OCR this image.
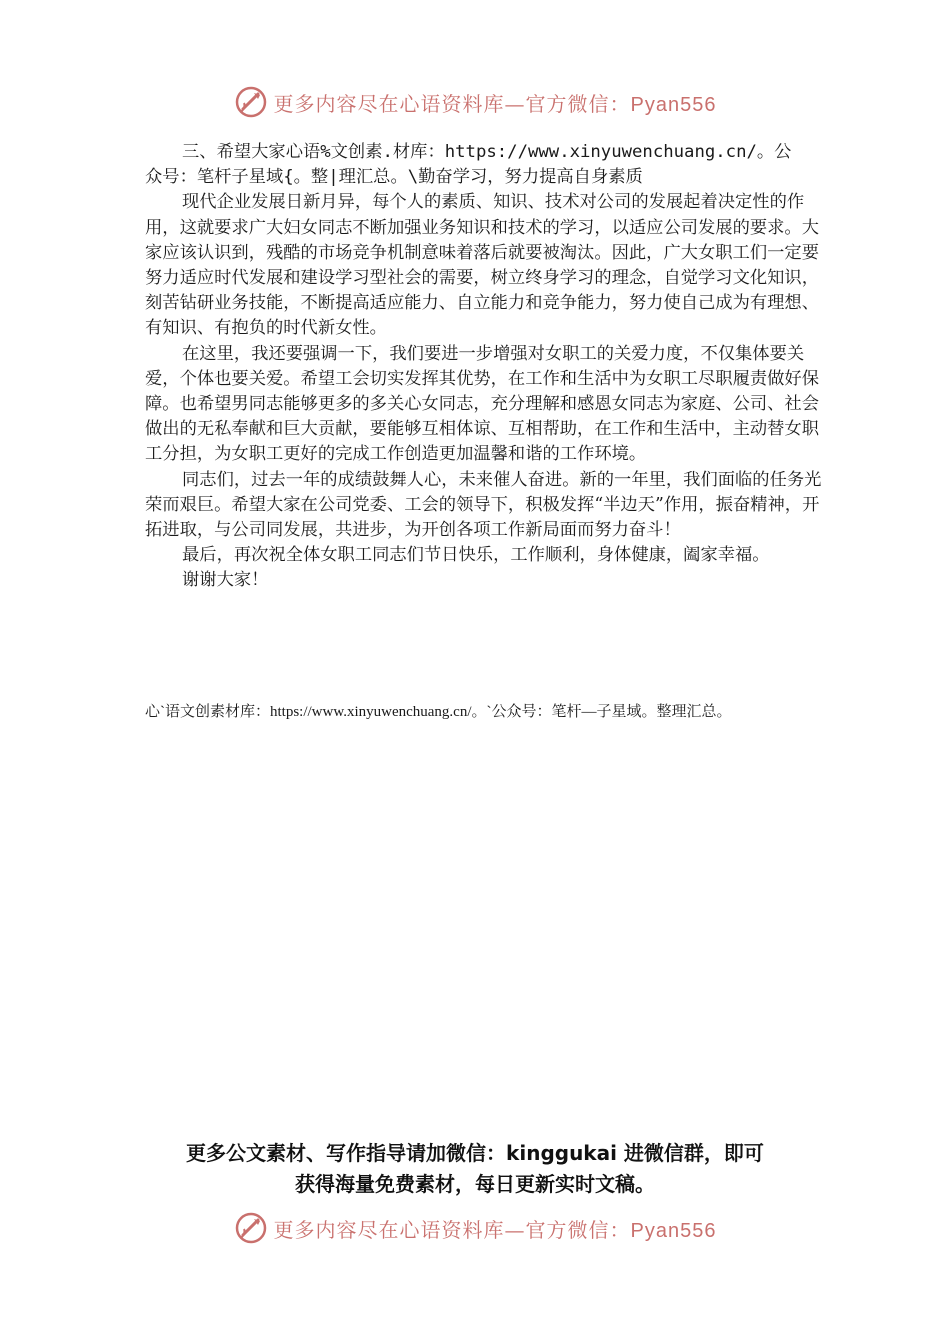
更多内容尽在心语资料库—官方微信：Pyan556

三、希望大家心语%文创素.材库：https://www.xinyuwenchuang.cn/。公

众号：笔杆子星域{。整|理汇总。\勤奋学习，努力提高自身素质

现代企业发展日新月异，每个人的素质、知识、技术对公司的发展起着决定性的作用，这就要求广大妇女同志不断加强业务知识和技术的学习，以适应公司发展的要求。大家应该认识到，残酷的市场竞争机制意味着落后就要被淘汰。因此，广大女职工们一定要努力适应时代发展和建设学习型社会的需要，树立终身学习的理念，自觉学习文化知识，刻苦钻研业务技能，不断提高适应能力、自立能力和竞争能力，努力使自己成为有理想、有知识、有抱负的时代新女性。

在这里，我还要强调一下，我们要进一步增强对女职工的关爱力度，不仅集体要关爱，个体也要关爱。希望工会切实发挥其优势，在工作和生活中为女职工尽职履责做好保障。也希望男同志能够更多的多关心女同志，充分理解和感恩女同志为家庭、公司、社会做出的无私奉献和巨大贡献，要能够互相体谅、互相帮助，在工作和生活中，主动替女职工分担，为女职工更好的完成工作创造更加温馨和谐的工作环境。

同志们，过去一年的成绩鼓舞人心，未来催人奋进。新的一年里，我们面临的任务光荣而艰巨。希望大家在公司党委、工会的领导下，积极发挥“半边天”作用，振奋精神，开拓进取，与公司同发展，共进步，为开创各项工作新局面而努力奋斗！

最后，再次祝全体女职工同志们节日快乐，工作顺利，身体健康，阖家幸福。

谢谢大家！

心`语文创素材库：https://www.xinyuwenchuang.cn/。`公众号：笔杆—子星域。整理汇总。
更多公文素材、写作指导请加微信：kinggukai 进微信群，即可
获得海量免费素材，每日更新实时文稿。
更多内容尽在心语资料库—官方微信：Pyan556
